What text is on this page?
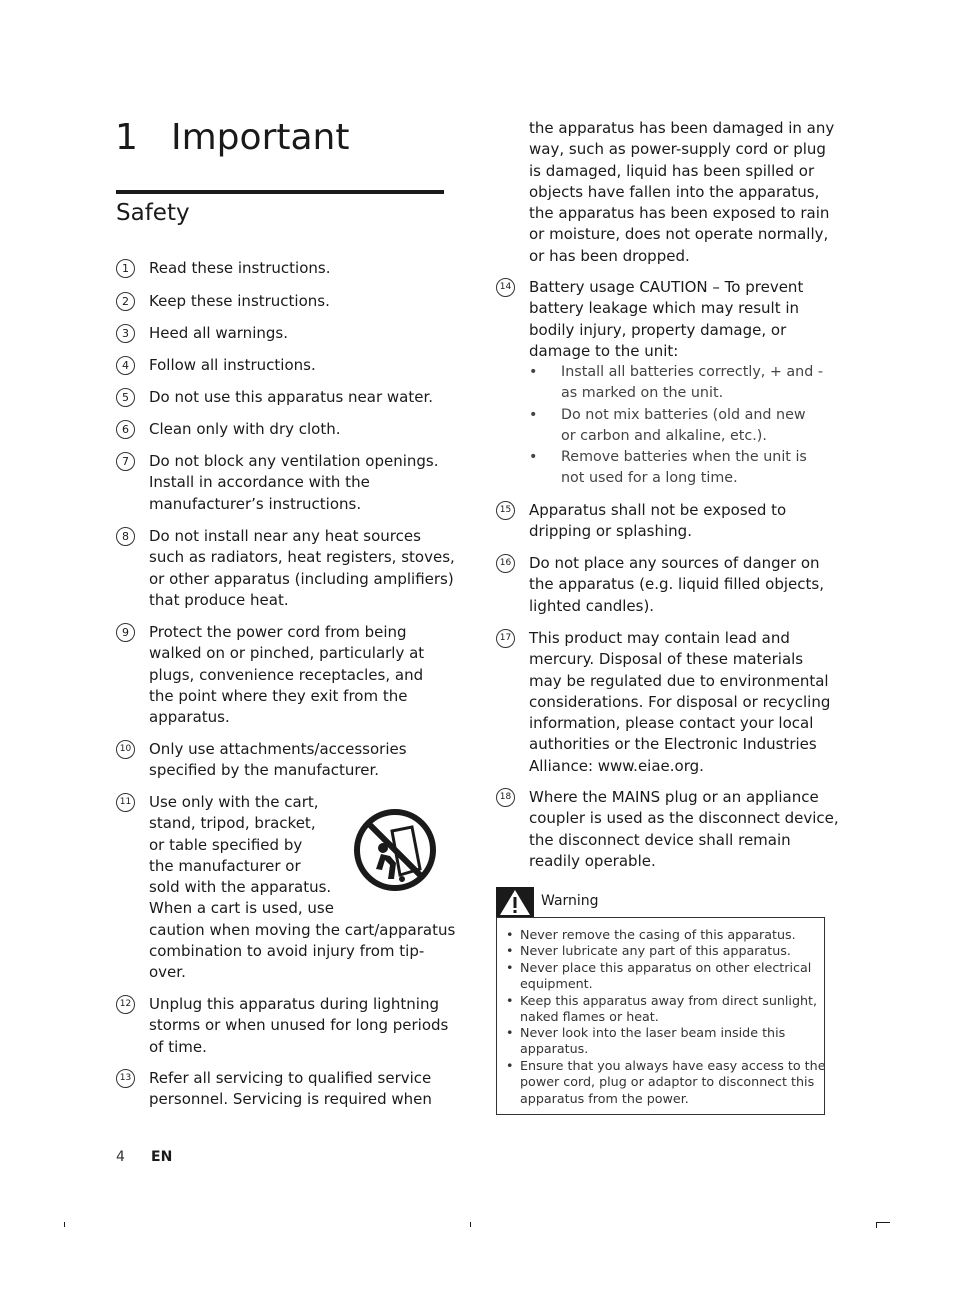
1 Important
Safety
1	Read these instructions.
2	Keep these instructions.
3	Heed all warnings.
4	Follow all instructions.
5	Do not use this apparatus near water.
6	Clean only with dry cloth.
7	Do not block any ventilation openings.
Install in accordance with the
manufacturer’s instructions.
8	Do not install near any heat sources
such as radiators, heat registers, stoves,
or other apparatus (including amplifiers)
that produce heat.
9	Protect the power cord from being
walked on or pinched, particularly at
plugs, convenience receptacles, and
the point where they exit from the
apparatus.
10 Only use attachments/accessories
specified by the manufacturer.
11 Use only with the cart,
stand, tripod, bracket,
or table specified by
the manufacturer or
sold with the apparatus.
When a cart is used, use
caution when moving the cart/apparatus
combination to avoid injury from tip-
over.
12 Unplug this apparatus during lightning
storms or when unused for long periods
of time.
13 Refer all servicing to qualified service
personnel. Servicing is required when
the apparatus has been damaged in any
way, such as power-supply cord or plug
is damaged, liquid has been spilled or
objects have fallen into the apparatus,
the apparatus has been exposed to rain
or moisture, does not operate normally,
or has been dropped.
14 Battery usage CAUTION – To prevent
battery leakage which may result in
bodily injury, property damage, or
damage to the unit:
15 Apparatus shall not be exposed to
dripping or splashing.
16 Do not place any sources of danger on
the apparatus (e.g. liquid filled objects,
lighted candles).
17 This product may contain lead and
mercury. Disposal of these materials
may be regulated due to environmental
considerations. For disposal or recycling
information, please contact your local
authorities or the Electronic Industries
Alliance: www.eiae.org.
18 Where the MAINS plug or an appliance
coupler is used as the disconnect device,
the disconnect device shall remain
readily operable.
• Install all batteries correctly, + and -
as marked on the unit.
• Do not mix batteries (old and new
or carbon and alkaline, etc.).
• Remove batteries when the unit is
not used for a long time.
Warning
• Never remove the casing of this apparatus.
• Never lubricate any part of this apparatus.
• Never place this apparatus on other electrical
equipment.
• Keep this apparatus away from direct sunlight,
naked flames or heat.
• Never look into the laser beam inside this
apparatus.
• Ensure that you always have easy access to the
power cord, plug or adaptor to disconnect this
apparatus from the power.
4 EN
